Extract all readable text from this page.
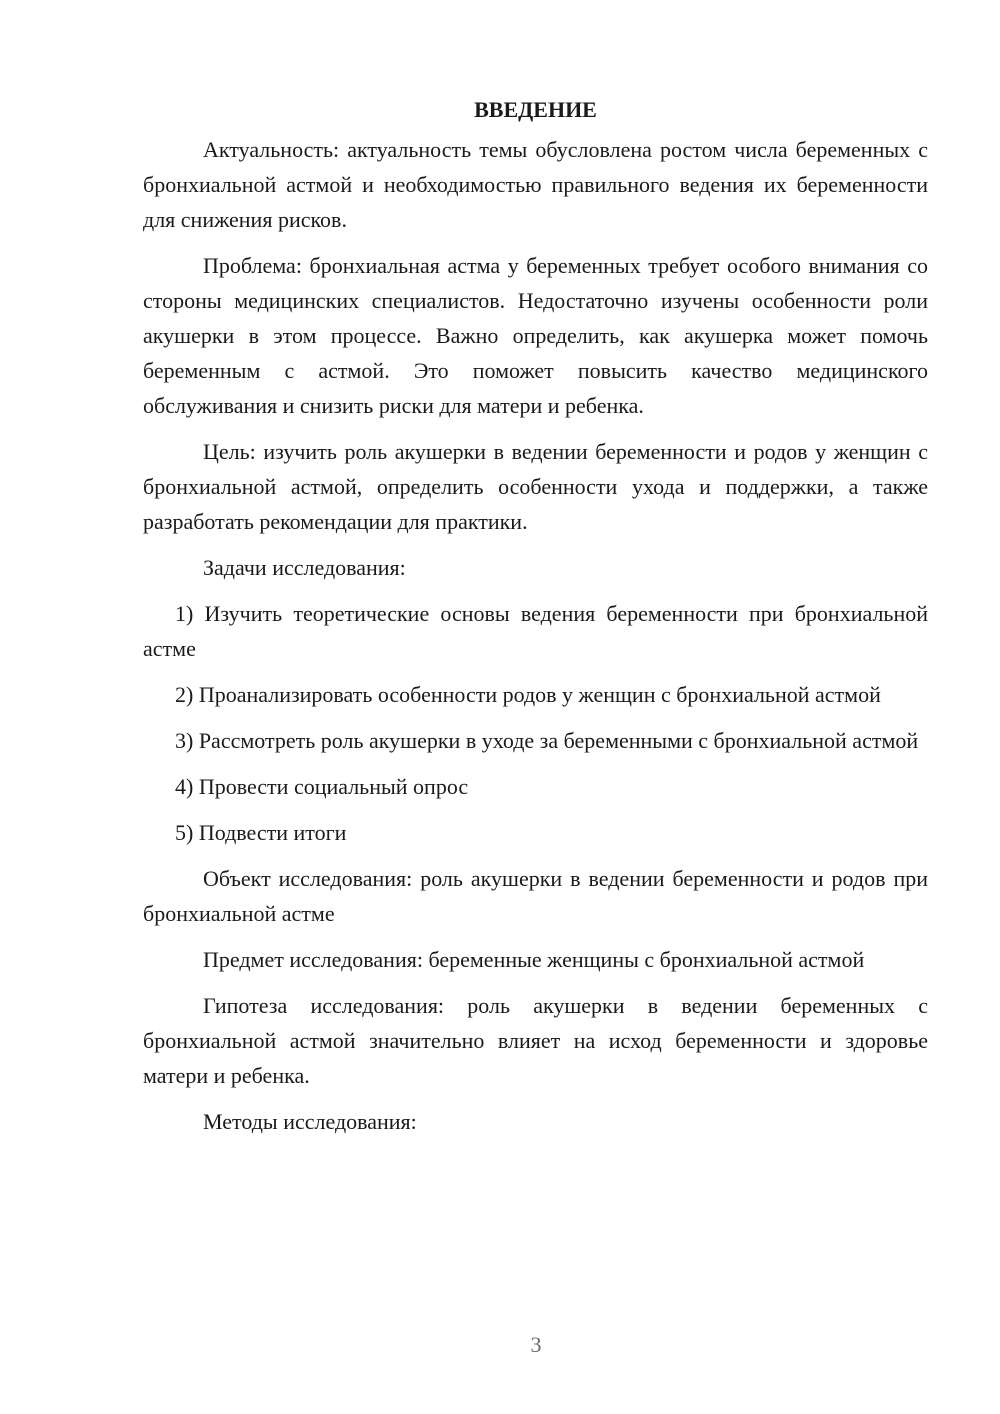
ВВЕДЕНИЕ
Актуальность: актуальность темы обусловлена ростом числа беременных с бронхиальной астмой и необходимостью правильного ведения их беременности для снижения рисков.
Проблема: бронхиальная астма у беременных требует особого внимания со стороны медицинских специалистов. Недостаточно изучены особенности роли акушерки в этом процессе. Важно определить, как акушерка может помочь беременным с астмой. Это поможет повысить качество медицинского обслуживания и снизить риски для матери и ребенка.
Цель: изучить роль акушерки в ведении беременности и родов у женщин с бронхиальной астмой, определить особенности ухода и поддержки, а также разработать рекомендации для практики.
Задачи исследования:
1) Изучить теоретические основы ведения беременности при бронхиальной астме
2) Проанализировать особенности родов у женщин с бронхиальной астмой
3) Рассмотреть роль акушерки в уходе за беременными с бронхиальной астмой
4) Провести социальный опрос
5) Подвести итоги
Объект исследования: роль акушерки в ведении беременности и родов при бронхиальной астме
Предмет исследования: беременные женщины с бронхиальной астмой
Гипотеза исследования: роль акушерки в ведении беременных с бронхиальной астмой значительно влияет на исход беременности и здоровье матери и ребенка.
Методы исследования:
3
